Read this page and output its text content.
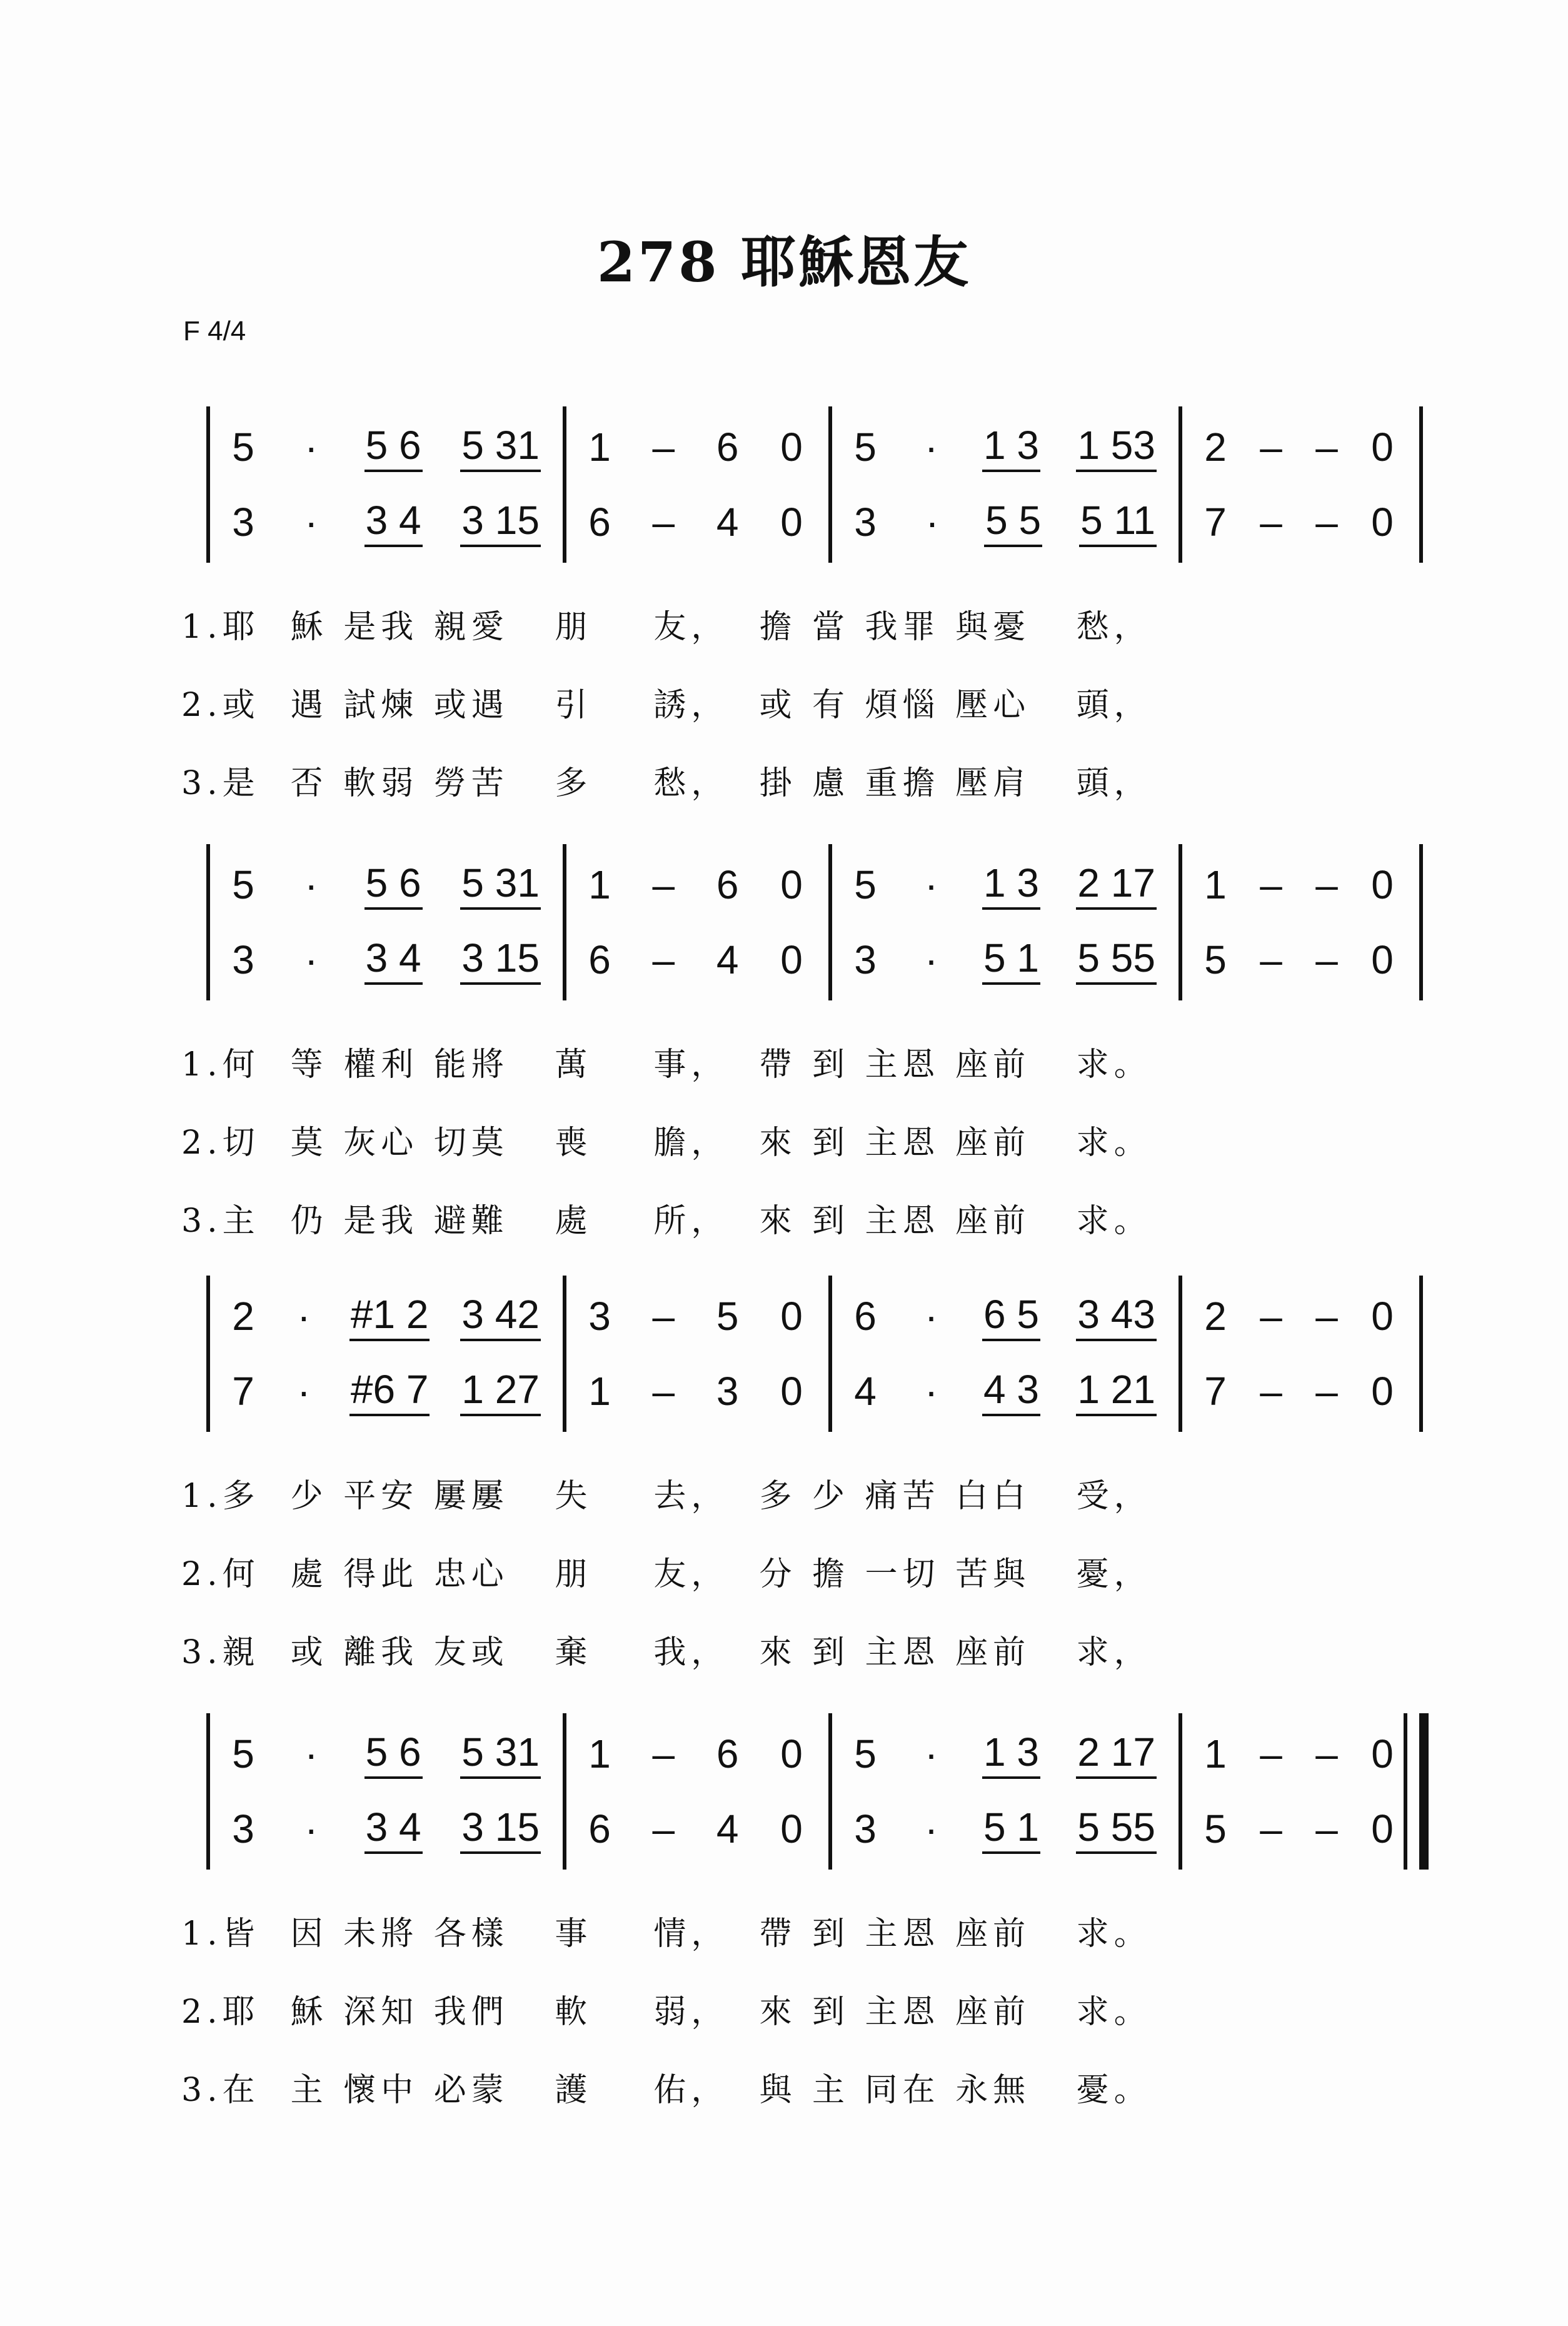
278 耶穌恩友
F 4/4
5 · 5 6 5 31
3 · 3 4 3 15
1 – 6 0
6 – 4 0
5 · 1 3 1 53
3 · 5 5 5 11
2 – – 0
7 – – 0
1.耶  穌 是我 親愛   朋    友，  擔 當 我罪 與憂   愁，
2.或  遇 試煉 或遇   引    誘，  或 有 煩惱 壓心   頭，
3.是  否 軟弱 勞苦   多    愁，  掛 慮 重擔 壓肩   頭，
5 · 5 6 5 31
3 · 3 4 3 15
1 – 6 0
6 – 4 0
5 · 1 3 2 17
3 · 5 1 5 55
1 – – 0
5 – – 0
1.何  等 權利 能將   萬    事，  帶 到 主恩 座前   求。
2.切  莫 灰心 切莫   喪    膽，  來 到 主恩 座前   求。
3.主  仍 是我 避難   處    所，  來 到 主恩 座前   求。
2 · #1 2 3 42
7 · #6 7 1 27
3 – 5 0
1 – 3 0
6 · 6 5 3 43
4 · 4 3 1 21
2 – – 0
7 – – 0
1.多  少 平安 屢屢   失    去，  多 少 痛苦 白白   受，
2.何  處 得此 忠心   朋    友，  分 擔 一切 苦與   憂，
3.親  或 離我 友或   棄    我，  來 到 主恩 座前   求，
5 · 5 6 5 31
3 · 3 4 3 15
1 – 6 0
6 – 4 0
5 · 1 3 2 17
3 · 5 1 5 55
1 – – 0
5 – – 0
1.皆  因 未將 各樣   事    情，  帶 到 主恩 座前   求。
2.耶  穌 深知 我們   軟    弱，  來 到 主恩 座前   求。
3.在  主 懷中 必蒙   護    佑，  與 主 同在 永無   憂。
